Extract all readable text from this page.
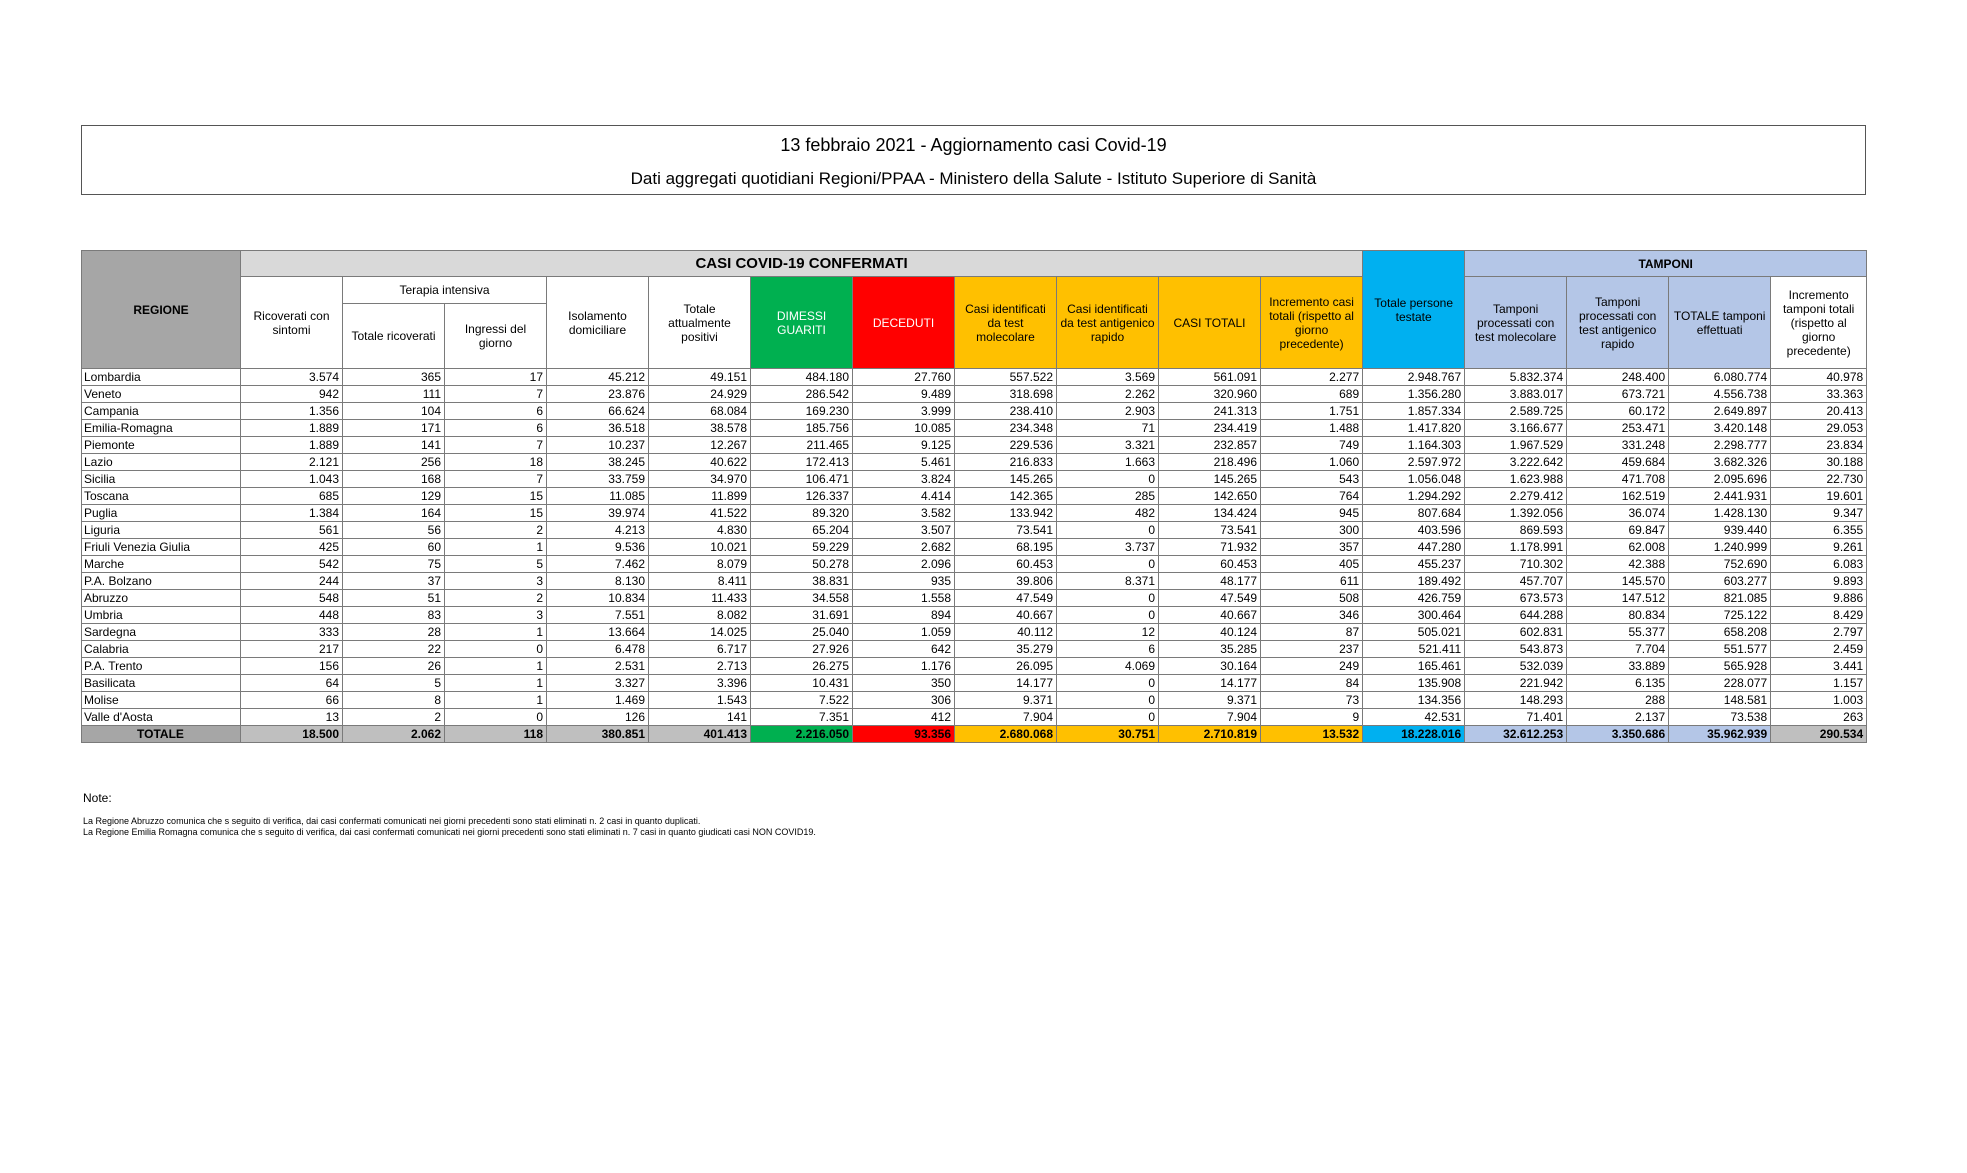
13 febbraio 2021 - Aggiornamento casi Covid-19
Dati aggregati quotidiani Regioni/PPAA - Ministero della Salute - Istituto Superiore di Sanità
REGIONE	CASI COVID-19 CONFERMATI											Totale persone testate	TAMPONI			
	Ricoverati con sintomi	Terapia intensiva		Isolamento domiciliare	Totale attualmente positivi	DIMESSI GUARITI	DECEDUTI	Casi identificati da test molecolare	Casi identificati da test antigenico rapido	CASI TOTALI	Incremento casi totali (rispetto al giorno precedente)		Tamponi processati con test molecolare	Tamponi processati con test antigenico rapido	TOTALE tamponi effettuati	Incremento tamponi totali (rispetto al giorno precedente)
		Totale ricoverati	Ingressi del giorno													
Lombardia	3.574	365	17	45.212	49.151	484.180	27.760	557.522	3.569	561.091	2.277	2.948.767	5.832.374	248.400	6.080.774	40.978
Veneto	942	111	7	23.876	24.929	286.542	9.489	318.698	2.262	320.960	689	1.356.280	3.883.017	673.721	4.556.738	33.363
Campania	1.356	104	6	66.624	68.084	169.230	3.999	238.410	2.903	241.313	1.751	1.857.334	2.589.725	60.172	2.649.897	20.413
Emilia-Romagna	1.889	171	6	36.518	38.578	185.756	10.085	234.348	71	234.419	1.488	1.417.820	3.166.677	253.471	3.420.148	29.053
Piemonte	1.889	141	7	10.237	12.267	211.465	9.125	229.536	3.321	232.857	749	1.164.303	1.967.529	331.248	2.298.777	23.834
Lazio	2.121	256	18	38.245	40.622	172.413	5.461	216.833	1.663	218.496	1.060	2.597.972	3.222.642	459.684	3.682.326	30.188
Sicilia	1.043	168	7	33.759	34.970	106.471	3.824	145.265	0	145.265	543	1.056.048	1.623.988	471.708	2.095.696	22.730
Toscana	685	129	15	11.085	11.899	126.337	4.414	142.365	285	142.650	764	1.294.292	2.279.412	162.519	2.441.931	19.601
Puglia	1.384	164	15	39.974	41.522	89.320	3.582	133.942	482	134.424	945	807.684	1.392.056	36.074	1.428.130	9.347
Liguria	561	56	2	4.213	4.830	65.204	3.507	73.541	0	73.541	300	403.596	869.593	69.847	939.440	6.355
Friuli Venezia Giulia	425	60	1	9.536	10.021	59.229	2.682	68.195	3.737	71.932	357	447.280	1.178.991	62.008	1.240.999	9.261
Marche	542	75	5	7.462	8.079	50.278	2.096	60.453	0	60.453	405	455.237	710.302	42.388	752.690	6.083
P.A. Bolzano	244	37	3	8.130	8.411	38.831	935	39.806	8.371	48.177	611	189.492	457.707	145.570	603.277	9.893
Abruzzo	548	51	2	10.834	11.433	34.558	1.558	47.549	0	47.549	508	426.759	673.573	147.512	821.085	9.886
Umbria	448	83	3	7.551	8.082	31.691	894	40.667	0	40.667	346	300.464	644.288	80.834	725.122	8.429
Sardegna	333	28	1	13.664	14.025	25.040	1.059	40.112	12	40.124	87	505.021	602.831	55.377	658.208	2.797
Calabria	217	22	0	6.478	6.717	27.926	642	35.279	6	35.285	237	521.411	543.873	7.704	551.577	2.459
P.A. Trento	156	26	1	2.531	2.713	26.275	1.176	26.095	4.069	30.164	249	165.461	532.039	33.889	565.928	3.441
Basilicata	64	5	1	3.327	3.396	10.431	350	14.177	0	14.177	84	135.908	221.942	6.135	228.077	1.157
Molise	66	8	1	1.469	1.543	7.522	306	9.371	0	9.371	73	134.356	148.293	288	148.581	1.003
Valle d'Aosta	13	2	0	126	141	7.351	412	7.904	0	7.904	9	42.531	71.401	2.137	73.538	263
TOTALE	18.500	2.062	118	380.851	401.413	2.216.050	93.356	2.680.068	30.751	2.710.819	13.532	18.228.016	32.612.253	3.350.686	35.962.939	290.534
Note:
La Regione Abruzzo comunica che s seguito di verifica, dai casi confermati comunicati nei giorni precedenti sono stati eliminati n. 2 casi in quanto duplicati.
La Regione Emilia Romagna comunica che s seguito di verifica, dai casi confermati comunicati nei giorni precedenti sono stati eliminati n. 7 casi in quanto giudicati casi NON COVID19.
